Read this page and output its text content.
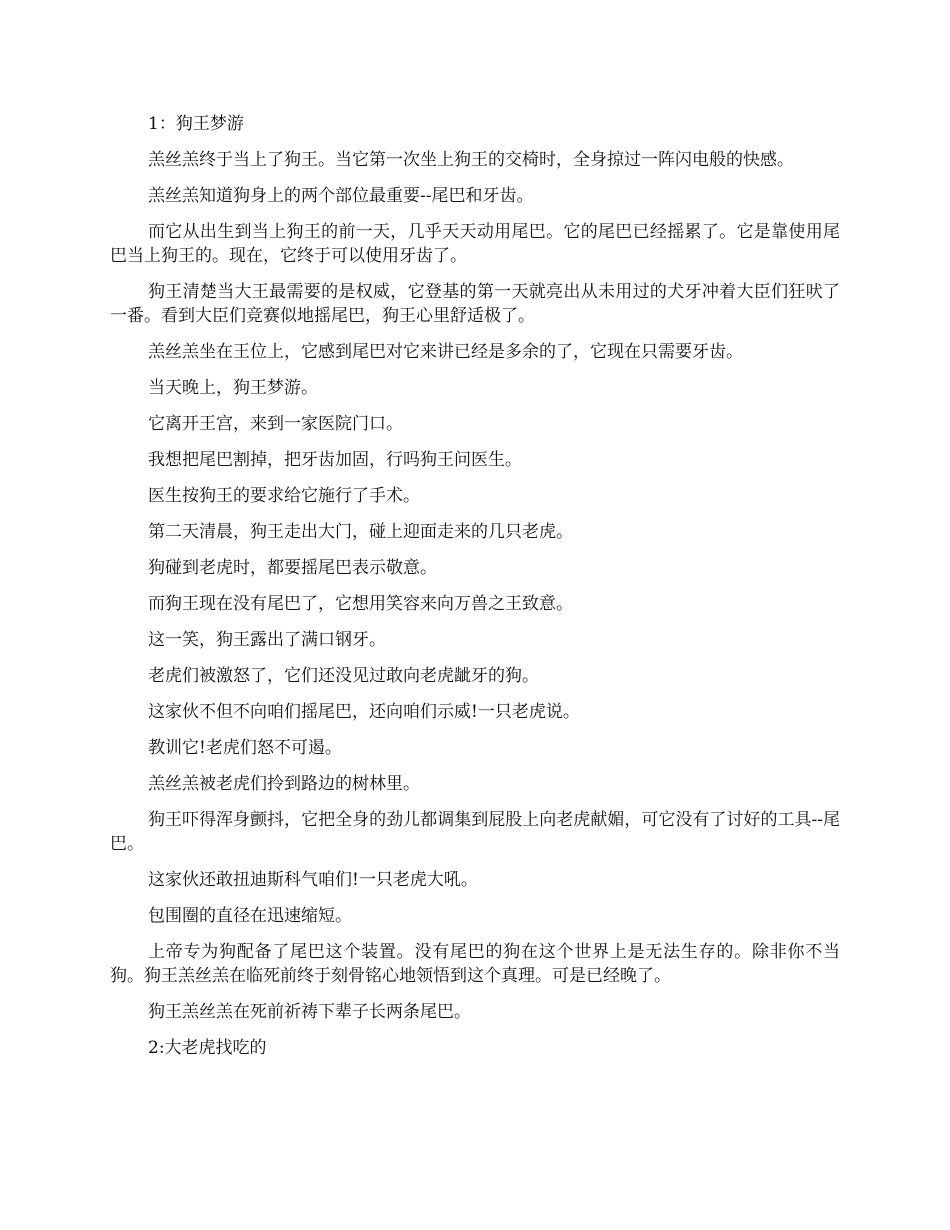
1：狗王梦游

羔丝羔终于当上了狗王。当它第一次坐上狗王的交椅时，全身掠过一阵闪电般的快感。

羔丝羔知道狗身上的两个部位最重要--尾巴和牙齿。

而它从出生到当上狗王的前一天，几乎天天动用尾巴。它的尾巴已经摇累了。它是靠使用尾巴当上狗王的。现在，它终于可以使用牙齿了。

狗王清楚当大王最需要的是权威，它登基的第一天就亮出从未用过的犬牙冲着大臣们狂吠了一番。看到大臣们竞赛似地摇尾巴，狗王心里舒适极了。

羔丝羔坐在王位上，它感到尾巴对它来讲已经是多余的了，它现在只需要牙齿。

当天晚上，狗王梦游。

它离开王宫，来到一家医院门口。

我想把尾巴割掉，把牙齿加固，行吗狗王问医生。

医生按狗王的要求给它施行了手术。

第二天清晨，狗王走出大门，碰上迎面走来的几只老虎。

狗碰到老虎时，都要摇尾巴表示敬意。

而狗王现在没有尾巴了，它想用笑容来向万兽之王致意。

这一笑，狗王露出了满口钢牙。

老虎们被激怒了，它们还没见过敢向老虎龇牙的狗。

这家伙不但不向咱们摇尾巴，还向咱们示威!一只老虎说。

教训它!老虎们怒不可遏。

羔丝羔被老虎们拎到路边的树林里。

狗王吓得浑身颤抖，它把全身的劲儿都调集到屁股上向老虎献媚，可它没有了讨好的工具--尾巴。

这家伙还敢扭迪斯科气咱们!一只老虎大吼。

包围圈的直径在迅速缩短。

上帝专为狗配备了尾巴这个装置。没有尾巴的狗在这个世界上是无法生存的。除非你不当狗。狗王羔丝羔在临死前终于刻骨铭心地领悟到这个真理。可是已经晚了。

狗王羔丝羔在死前祈祷下辈子长两条尾巴。

2:大老虎找吃的
